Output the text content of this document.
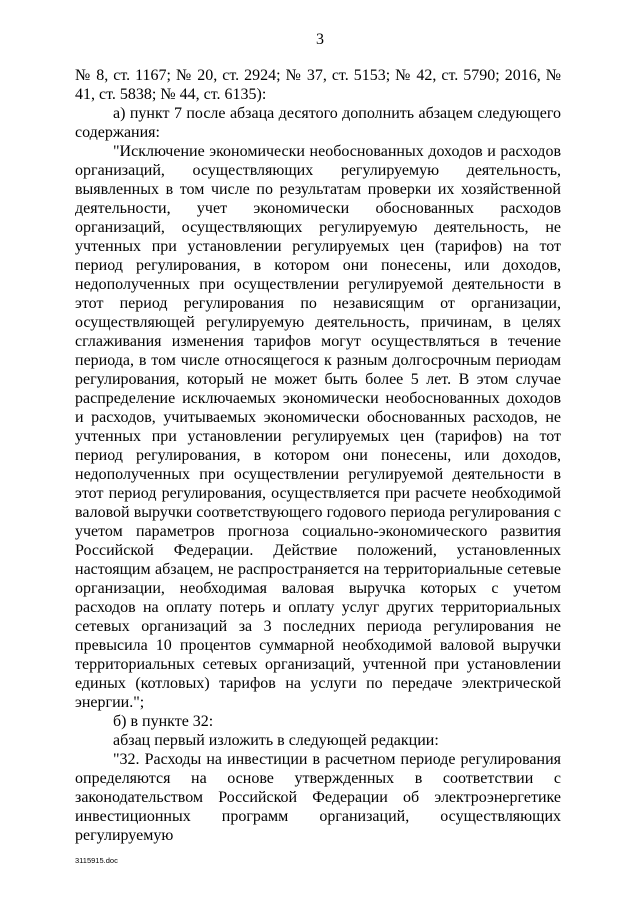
3

№ 8, ст. 1167; № 20, ст. 2924; № 37, ст. 5153; № 42, ст. 5790; 2016, № 41, ст. 5838; № 44, ст. 6135):

а) пункт 7 после абзаца десятого дополнить абзацем следующего содержания:

"Исключение экономически необоснованных доходов и расходов организаций, осуществляющих регулируемую деятельность, выявленных в том числе по результатам проверки их хозяйственной деятельности, учет экономически обоснованных расходов организаций, осуществляющих регулируемую деятельность, не учтенных при установлении регулируемых цен (тарифов) на тот период регулирования, в котором они понесены, или доходов, недополученных при осуществлении регулируемой деятельности в этот период регулирования по независящим от организации, осуществляющей регулируемую деятельность, причинам, в целях сглаживания изменения тарифов могут осуществляться в течение периода, в том числе относящегося к разным долгосрочным периодам регулирования, который не может быть более 5 лет. В этом случае распределение исключаемых экономически необоснованных доходов и расходов, учитываемых экономически обоснованных расходов, не учтенных при установлении регулируемых цен (тарифов) на тот период регулирования, в котором они понесены, или доходов, недополученных при осуществлении регулируемой деятельности в этот период регулирования, осуществляется при расчете необходимой валовой выручки соответствующего годового периода регулирования с учетом параметров прогноза социально-экономического развития Российской Федерации. Действие положений, установленных настоящим абзацем, не распространяется на территориальные сетевые организации, необходимая валовая выручка которых с учетом расходов на оплату потерь и оплату услуг других территориальных сетевых организаций за 3 последних периода регулирования не превысила 10 процентов суммарной необходимой валовой выручки территориальных сетевых организаций, учтенной при установлении единых (котловых) тарифов на услуги по передаче электрической энергии.";

б) в пункте 32:

абзац первый изложить в следующей редакции:

"32. Расходы на инвестиции в расчетном периоде регулирования определяются на основе утвержденных в соответствии с законодательством Российской Федерации об электроэнергетике инвестиционных программ организаций, осуществляющих регулируемую

3115915.doc
